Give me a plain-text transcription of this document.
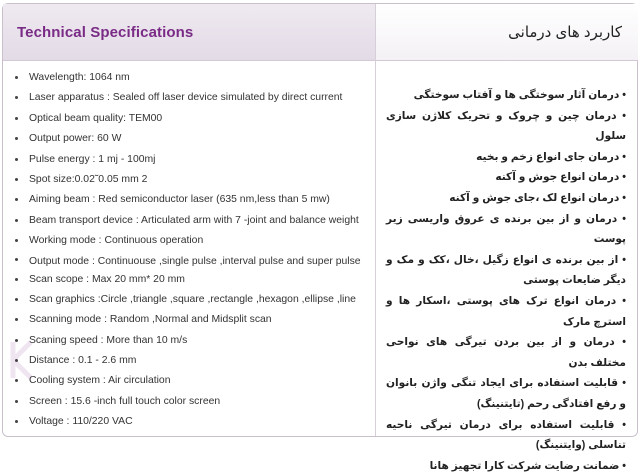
Technical Specifications
Wavelength: 1064 nm
Laser apparatus : Sealed off laser device simulated by direct current
Optical beam quality: TEM00
Output power: 60 W
Pulse energy : 1 mj - 100mj
Spot size:0.02˜0.05 mm 2
Aiming beam : Red semiconductor laser (635 nm,less than 5 mw)
Beam transport device : Articulated arm with 7 -joint and balance weight
Working mode : Continuous operation
Output mode : Continuouse ,single pulse ,interval pulse and super pulse
Scan scope : Max 20 mm* 20 mm
Scan graphics :Circle ,triangle ,square ,rectangle ,hexagon ,ellipse ,line
Scanning mode : Random ,Normal and Midsplit scan
Scaning speed : More than 10 m/s
Distance : 0.1 - 2.6 mm
Cooling system : Air circulation
Screen : 15.6 -inch full touch color screen
Voltage : 110/220 VAC
کاربرد های درمانی
• درمان آثار سوختگی ها و آفتاب سوختگی
• درمان چین و چروک و تحریک کلاژن سازی سلول
• درمان جای انواع زخم و بخیه
• درمان انواع جوش و آکنه
• درمان انواع لک ،جای جوش و آکنه
• درمان و از بین برنده ی عروق واریسی زیر پوست
• از بین برنده ی انواع زگیل ،خال ،کک و مک و دیگر ضایعات پوستی
• درمان انواع ترک های پوستی ،اسکار ها و استرچ مارک
• درمان و از بین بردن تیرگی های نواحی مختلف بدن
• قابلیت استفاده برای ایجاد تنگی واژن بانوان و رفع افتادگی رحم (تایتنینگ)
• قابلیت استفاده برای درمان تیرگی ناحیه تناسلی (وایتنینگ)
• ضمانت رضایت شرکت کارا تجهیز هانا
